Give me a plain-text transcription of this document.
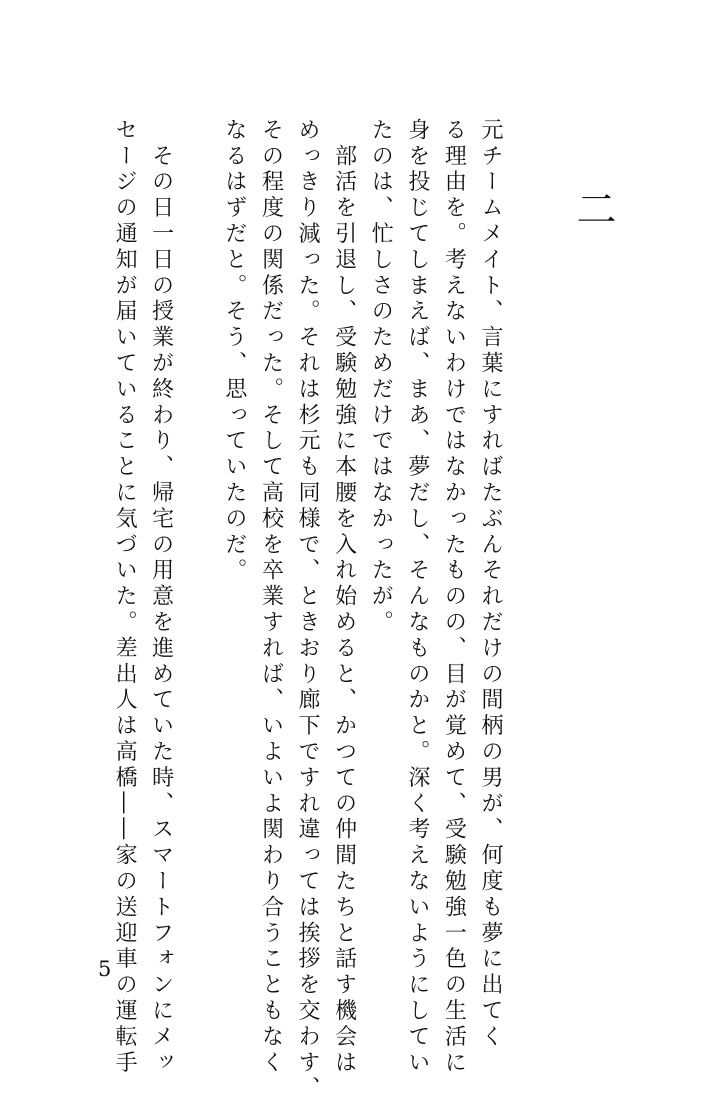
二

元チームメイト、言葉にすればたぶんそれだけの間柄の男が、何度も夢に出てく

る理由を。考えないわけではなかったものの、目が覚めて、受験勉強一色の生活に

身を投じてしまえば、まあ、夢だし、そんなものかと。深く考えないようにしてい

たのは、忙しさのためだけではなかったが。

　部活を引退し、受験勉強に本腰を入れ始めると、かつての仲間たちと話す機会は

めっきり減った。それは杉元も同様で、ときおり廊下ですれ違っては挨拶を交わす、

その程度の関係だった。そして高校を卒業すれば、いよいよ関わり合うこともなく

なるはずだと。そう、思っていたのだ。

　その日一日の授業が終わり、帰宅の用意を進めていた時、スマートフォンにメッ

セージの通知が届いていることに気づいた。差出人は高橋――家の送迎車の運転手

5
